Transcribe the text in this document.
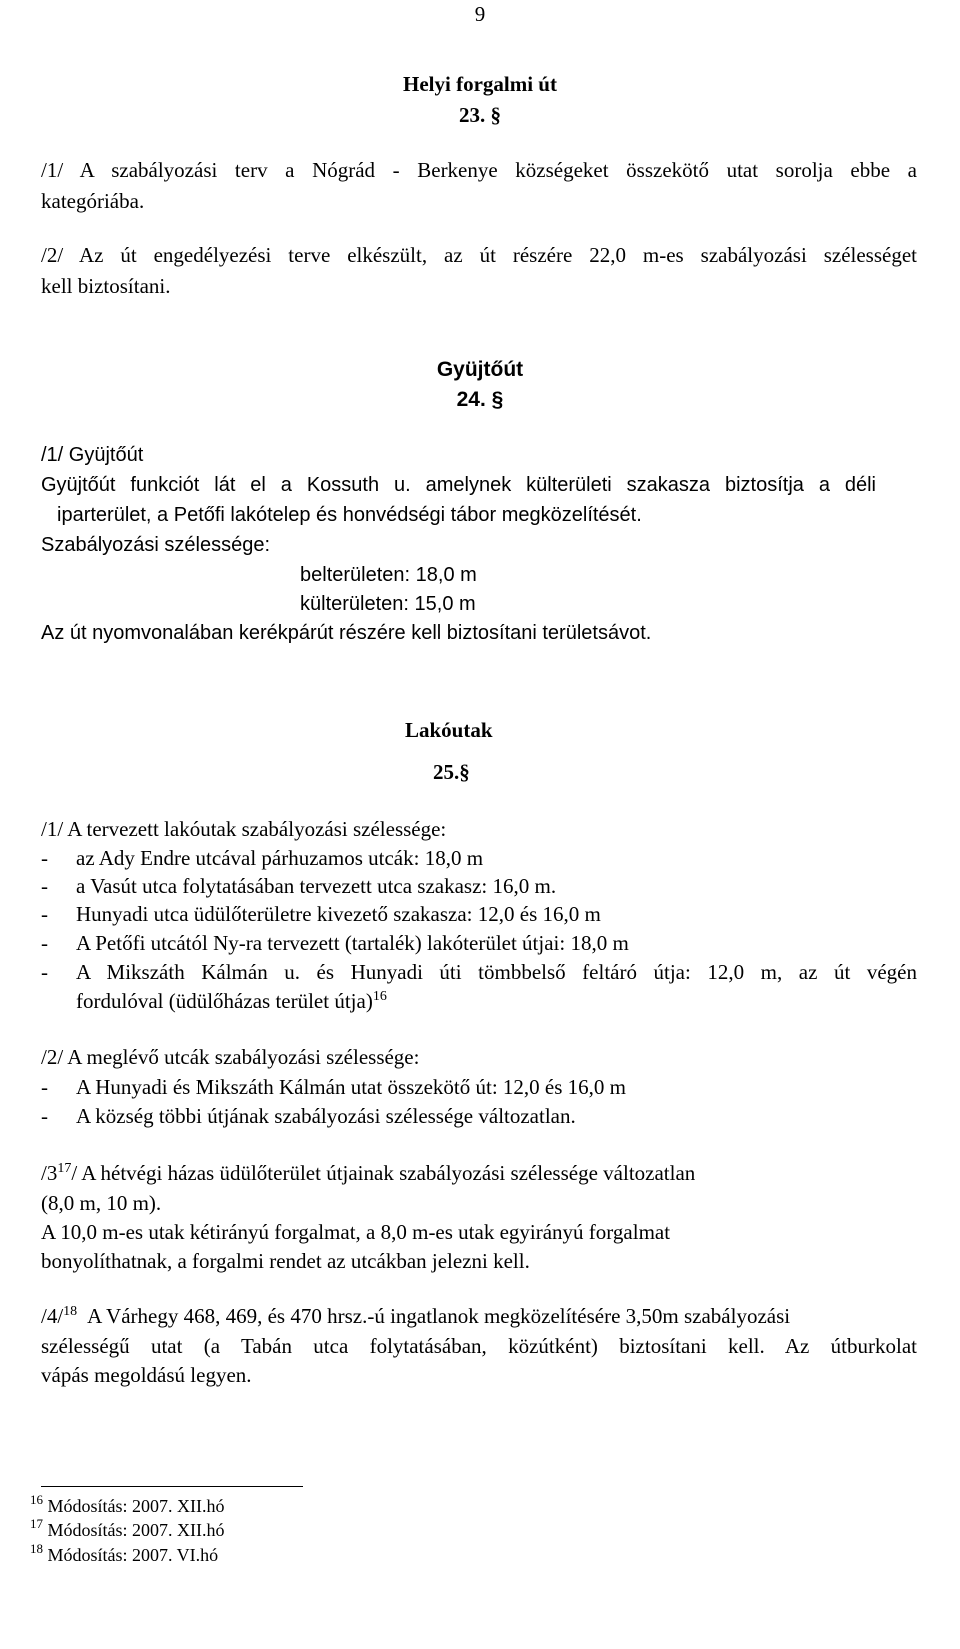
9
Helyi forgalmi út
23. §
/1/ A szabályozási terv a Nógrád - Berkenye községeket összekötő utat sorolja ebbe a
kategóriába.
/2/ Az út engedélyezési terve elkészült, az út részére 22,0 m-es szabályozási szélességet
kell biztosítani.
Gyüjtőút
24. §
/1/ Gyüjtőút
Gyüjtőút funkciót lát el a Kossuth u. amelynek külterületi szakasza biztosítja a déli
iparterület, a Petőfi lakótelep és honvédségi tábor megközelítését.
Szabályozási szélessége:
belterületen: 18,0 m
külterületen: 15,0 m
Az út nyomvonalában kerékpárút részére kell biztosítani területsávot.
Lakóutak
25.§
/1/ A tervezett lakóutak szabályozási szélessége:
-	az Ady Endre utcával párhuzamos utcák: 18,0 m
-	a Vasút utca folytatásában tervezett utca szakasz: 16,0 m.
-	Hunyadi utca üdülőterületre kivezető szakasza: 12,0 és 16,0 m
-	A Petőfi utcától Ny-ra tervezett (tartalék) lakóterület útjai: 18,0 m
-	A Mikszáth Kálmán u. és Hunyadi úti tömbbelső feltáró útja: 12,0 m, az út végén
fordulóval (üdülőházas terület útja)$^{16}$
/2/ A meglévő utcák szabályozási szélessége:
-	A Hunyadi és Mikszáth Kálmán utat összekötő út: 12,0 és 16,0 m
-	A község többi útjának szabályozási szélessége változatlan.
$/3^{17}/$ A hétvégi házas üdülőterület útjainak szabályozási szélessége változatlan
(8,0 m, 10 m).
A 10,0 m-es utak kétirányú forgalmat, a 8,0 m-es utak egyirányú forgalmat
bonyolíthatnak, a forgalmi rendet az utcákban jelezni kell.
/4/$^{18}$ A Várhegy 468, 469, és 470 hrsz.-ú ingatlanok megközelítésére 3,50m szabályozási
szélességű utat (a Tabán utca folytatásában, közútként) biztosítani kell. Az útburkolat
vápás megoldású legyen.
$^{16}$ Módosítás: 2007. XII.hó
$^{17}$ Módosítás: 2007. XII.hó
$^{18}$ Módosítás: 2007. VI.hó
